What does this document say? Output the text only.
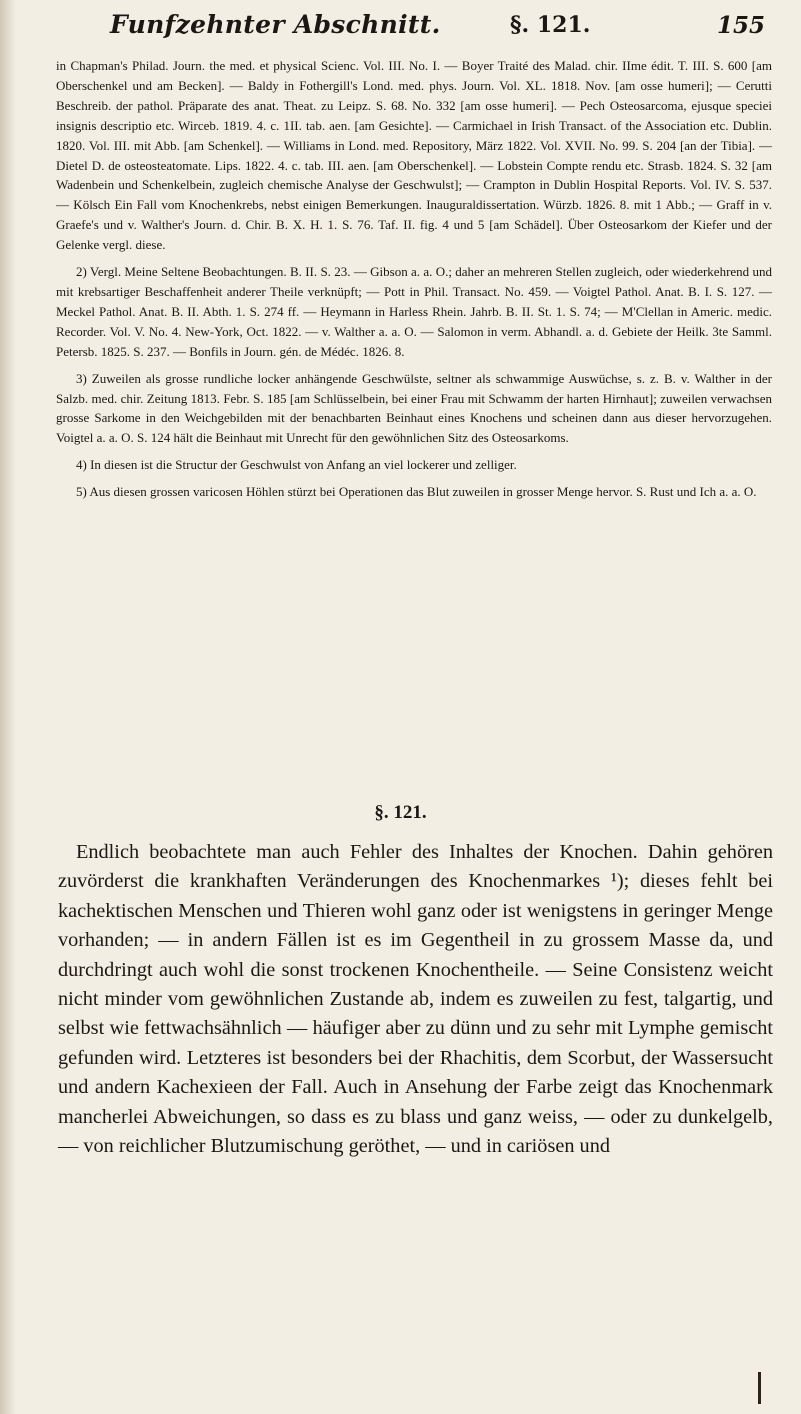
Funfzehnter Abschnitt.	§. 121.	155

in Chapman's Philad. Journ. the med. et physical Scienc. Vol. III. No. I. — Boyer Traité des Malad. chir. IIme édit. T. III. S. 600 [am Oberschenkel und am Becken]. — Baldy in Fothergill's Lond. med. phys. Journ. Vol. XL. 1818. Nov. [am osse humeri]; — Cerutti Beschreib. der pathol. Präparate des anat. Theat. zu Leipz. S. 68. No. 332 [am osse humeri]. — Pech Osteosarcoma, ejusque speciei insignis descriptio etc. Wirceb. 1819. 4. c. 1II. tab. aen. [am Gesichte]. — Carmichael in Irish Transact. of the Association etc. Dublin. 1820. Vol. III. mit Abb. [am Schenkel]. — Williams in Lond. med. Repository, März 1822. Vol. XVII. No. 99. S. 204 [an der Tibia]. — Dietel D. de osteosteatomate. Lips. 1822. 4. c. tab. III. aen. [am Oberschenkel]. — Lobstein Compte rendu etc. Strasb. 1824. S. 32 [am Wadenbein und Schenkelbein, zugleich chemische Analyse der Geschwulst]; — Crampton in Dublin Hospital Reports. Vol. IV. S. 537. — Kölsch Ein Fall vom Knochenkrebs, nebst einigen Bemerkungen. Inauguraldissertation. Würzb. 1826. 8. mit 1 Abb.; — Graff in v. Graefe's und v. Walther's Journ. d. Chir. B. X. H. 1. S. 76. Taf. II. fig. 4 und 5 [am Schädel]. Über Osteosarkom der Kiefer und der Gelenke vergl. diese.

2) Vergl. Meine Seltene Beobachtungen. B. II. S. 23. — Gibson a. a. O.; daher an mehreren Stellen zugleich, oder wiederkehrend und mit krebsartiger Beschaffenheit anderer Theile verknüpft; — Pott in Phil. Transact. No. 459. — Voigtel Pathol. Anat. B. I. S. 127. — Meckel Pathol. Anat. B. II. Abth. 1. S. 274 ff. — Heymann in Harless Rhein. Jahrb. B. II. St. 1. S. 74; — M'Clellan in Americ. medic. Recorder. Vol. V. No. 4. New-York, Oct. 1822. — v. Walther a. a. O. — Salomon in verm. Abhandl. a. d. Gebiete der Heilk. 3te Samml. Petersb. 1825. S. 237. — Bonfils in Journ. gén. de Médéc. 1826. 8.

3) Zuweilen als grosse rundliche locker anhängende Geschwülste, seltner als schwammige Auswüchse, s. z. B. v. Walther in der Salzb. med. chir. Zeitung 1813. Febr. S. 185 [am Schlüsselbein, bei einer Frau mit Schwamm der harten Hirnhaut]; zuweilen verwachsen grosse Sarkome in den Weichgebilden mit der benachbarten Beinhaut eines Knochens und scheinen dann aus dieser hervorzugehen. Voigtel a. a. O. S. 124 hält die Beinhaut mit Unrecht für den gewöhnlichen Sitz des Osteosarkoms.

4) In diesen ist die Structur der Geschwulst von Anfang an viel lockerer und zelliger.

5) Aus diesen grossen varicosen Höhlen stürzt bei Operationen das Blut zuweilen in grosser Menge hervor. S. Rust und Ich a. a. O.

§. 121.

Endlich beobachtete man auch Fehler des Inhaltes der Knochen. Dahin gehören zuvörderst die krankhaften Veränderungen des Knochenmarkes ¹); dieses fehlt bei kachektischen Menschen und Thieren wohl ganz oder ist wenigstens in geringer Menge vorhanden; — in andern Fällen ist es im Gegentheil in zu grossem Masse da, und durchdringt auch wohl die sonst trockenen Knochentheile. — Seine Consistenz weicht nicht minder vom gewöhnlichen Zustande ab, indem es zuweilen zu fest, talgartig, und selbst wie fettwachsähnlich — häufiger aber zu dünn und zu sehr mit Lymphe gemischt gefunden wird. Letzteres ist besonders bei der Rhachitis, dem Scorbut, der Wassersucht und andern Kachexieen der Fall. Auch in Ansehung der Farbe zeigt das Knochenmark mancherlei Abweichungen, so dass es zu blass und ganz weiss, — oder zu dunkelgelb, — von reichlicher Blutzumischung geröthet, — und in cariösen und
